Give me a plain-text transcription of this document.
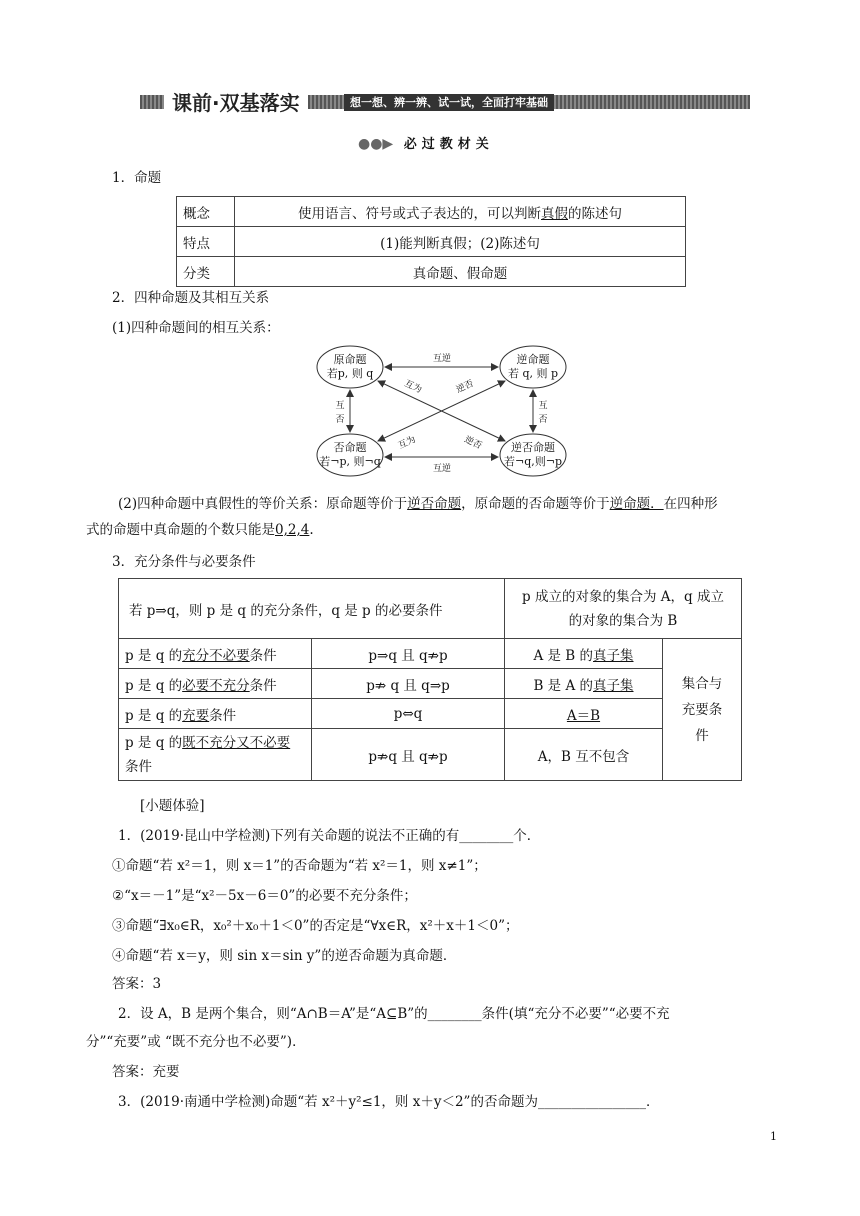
课前·双基落实	想一想、辨一辨、试一试，全面打牢基础
●●▶ 必过教材关
1．命题
概念	使用语言、符号或式子表达的，可以判断真假的陈述句
特点	(1)能判断真假；(2)陈述句
分类	真命题、假命题
2．四种命题及其相互关系
(1)四种命题间的相互关系：
原命题
若p, 则 q
逆命题
若 q, 则 p
否命题
若¬p, 则¬q
逆否命题
若¬q,则¬p
互逆
互逆
互
否
互
否
互为
逆否
逆否
互为
(2)四种命题中真假性的等价关系：原命题等价于逆否命题，原命题的否命题等价于逆命题．在四种形
式的命题中真命题的个数只能是0,2,4.
3．充分条件与必要条件
若 p⇒q，则 p 是 q 的充分条件，q 是 p 的必要条件		p 成立的对象的集合为 A，q 成立
的对象的集合为 B	

p 是 q 的充分不必要条件	p⇒q 且 q⇏p	A 是 B 的真子集	集合与
充要条
件

p 是 q 的必要不充分条件	p⇏ q 且 q⇒p	B 是 A 的真子集	
p 是 q 的充要条件	p⇔q	A＝B	
p 是 q 的既不充分又不必要
条件	p⇏q 且 q⇏p	A，B 互不包含	
[小题体验]
1．(2019·昆山中学检测)下列有关命题的说法不正确的有________个．
①命题“若 x²＝1，则 x＝1”的否命题为“若 x²＝1，则 x≠1”；
②“x＝－1”是“x²－5x－6＝0”的必要不充分条件；
③命题“∃x₀∈R，x₀²＋x₀＋1＜0”的否定是“∀x∈R，x²＋x＋1＜0”；
④命题“若 x＝y，则 sin x＝sin y”的逆否命题为真命题．
答案：3
2．设 A，B 是两个集合，则“A∩B＝A”是“A⊆B”的________条件(填“充分不必要”“必要不充
分”“充要”或 “既不充分也不必要”)．
答案：充要
3．(2019·南通中学检测)命题“若 x²＋y²≤1，则 x＋y＜2”的否命题为________________．
1
